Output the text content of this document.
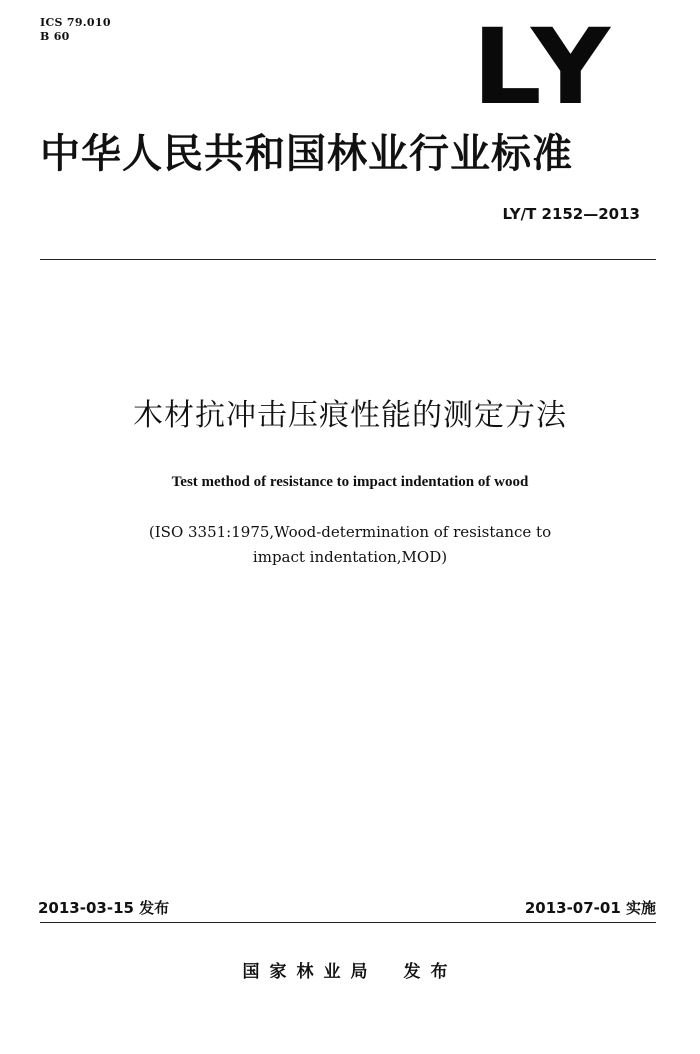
ICS 79.010
B 60	LY
中华人民共和国林业行业标准
LY/T 2152—2013
木材抗冲击压痕性能的测定方法
Test method of resistance to impact indentation of wood
(ISO 3351:1975,Wood-determination of resistance to
impact indentation,MOD)
2013-03-15 发布	2013-07-01 实施
国家林业局 发布
